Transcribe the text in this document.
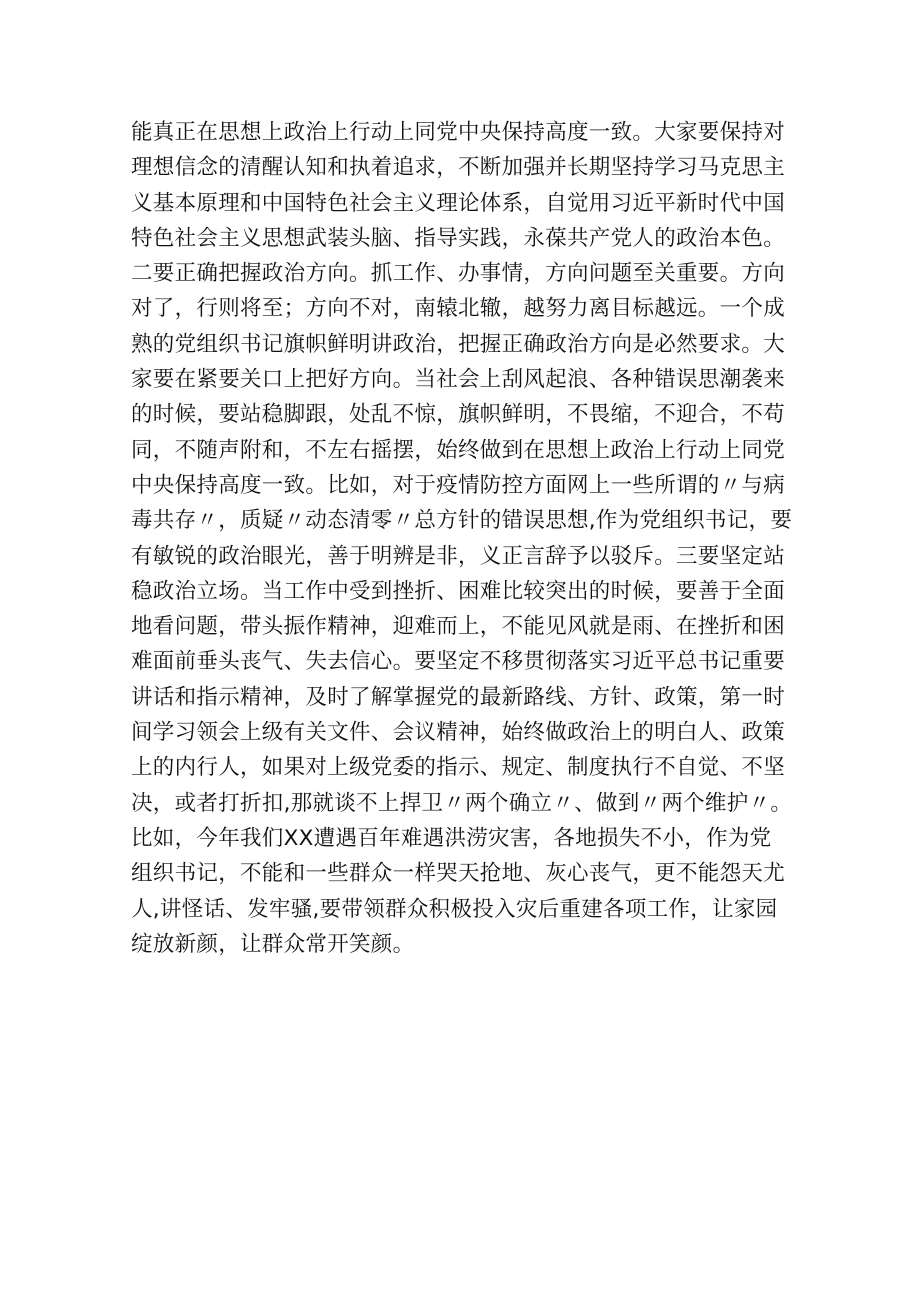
能真正在思想上政治上行动上同党中央保持高度一致。大家要保持对
理想信念的清醒认知和执着追求，不断加强并长期坚持学习马克思主
义基本原理和中国特色社会主义理论体系，自觉用习近平新时代中国
特色社会主义思想武装头脑、指导实践，永葆共产党人的政治本色。
二要正确把握政治方向。抓工作、办事情，方向问题至关重要。方向
对了，行则将至；方向不对，南辕北辙，越努力离目标越远。一个成
熟的党组织书记旗帜鲜明讲政治，把握正确政治方向是必然要求。大
家要在紧要关口上把好方向。当社会上刮风起浪、各种错误思潮袭来
的时候，要站稳脚跟，处乱不惊，旗帜鲜明，不畏缩，不迎合，不苟
同，不随声附和，不左右摇摆，始终做到在思想上政治上行动上同党
中央保持高度一致。比如，对于疫情防控方面网上一些所谓的〃与病
毒共存〃，质疑〃动态清零〃总方针的错误思想,作为党组织书记，要
有敏锐的政治眼光，善于明辨是非，义正言辞予以驳斥。三要坚定站
稳政治立场。当工作中受到挫折、困难比较突出的时候，要善于全面
地看问题，带头振作精神，迎难而上，不能见风就是雨、在挫折和困
难面前垂头丧气、失去信心。要坚定不移贯彻落实习近平总书记重要
讲话和指示精神，及时了解掌握党的最新路线、方针、政策，第一时
间学习领会上级有关文件、会议精神，始终做政治上的明白人、政策
上的内行人，如果对上级党委的指示、规定、制度执行不自觉、不坚
决，或者打折扣,那就谈不上捍卫〃两个确立〃、做到〃两个维护〃。
比如，今年我们XX遭遇百年难遇洪涝灾害，各地损失不小，作为党
组织书记，不能和一些群众一样哭天抢地、灰心丧气，更不能怨天尤
人,讲怪话、发牢骚,要带领群众积极投入灾后重建各项工作，让家园
绽放新颜，让群众常开笑颜。
